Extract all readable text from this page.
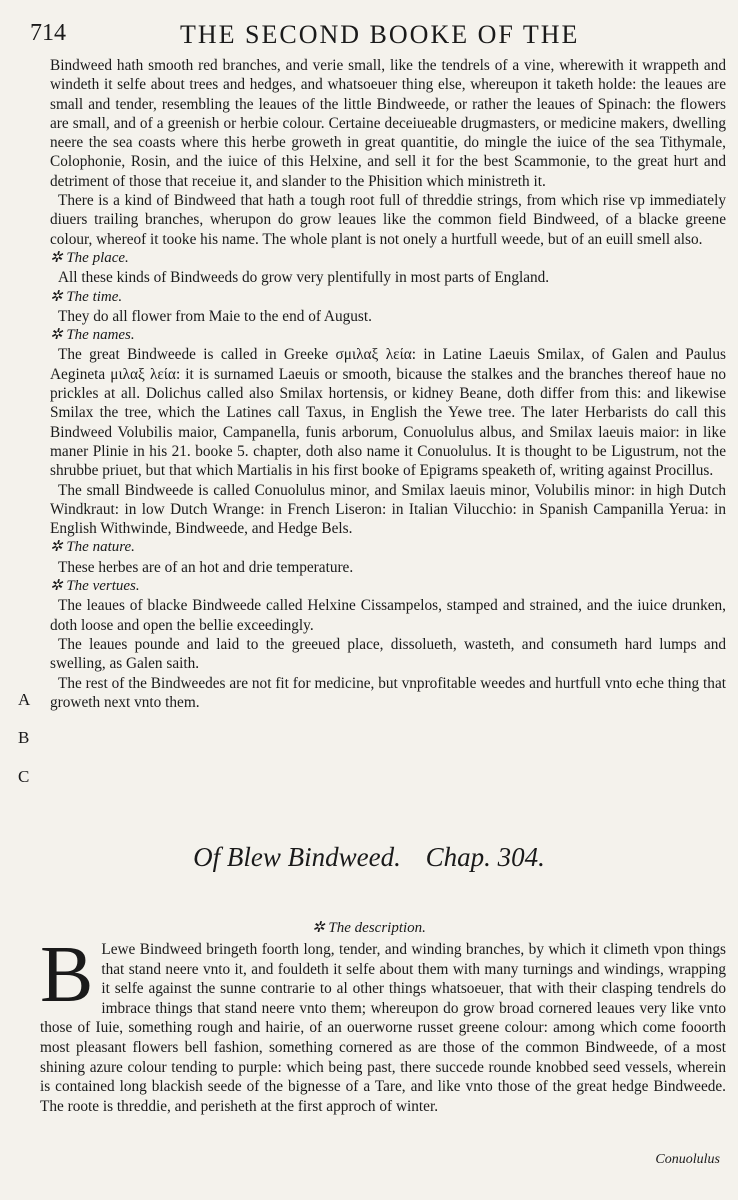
714	THE SECOND BOOKE OF THE

Bindweed hath smooth red branches, and verie small, like the tendrels of a vine, wherewith it wrappeth and windeth it selfe about trees and hedges, and whatsoeuer thing else, whereupon it taketh holde: the leaues are small and tender, resembling the leaues of the little Bindweede, or rather the leaues of Spinach: the flowers are small, and of a greenish or herbie colour. Certaine deceiueable drugmasters, or medicine makers, dwelling neere the sea coasts where this herbe groweth in great quantitie, do mingle the iuice of the sea Tithymale, Colophonie, Rosin, and the iuice of this Helxine, and sell it for the best Scammonie, to the great hurt and detriment of those that receiue it, and slander to the Phisition which ministreth it.

There is a kind of Bindweed that hath a tough root full of threddie strings, from which rise vp immediately diuers trailing branches, wherupon do grow leaues like the common field Bindweed, of a blacke greene colour, whereof it tooke his name. The whole plant is not onely a hurtfull weede, but of an euill smell also.

✲ The place.

All these kinds of Bindweeds do grow very plentifully in most parts of England.

✲ The time.

They do all flower from Maie to the end of August.

✲ The names.

The great Bindweede is called in Greeke σμιλαξ λεία: in Latine Laeuis Smilax, of Galen and Paulus Aegineta μιλαξ λεία: it is surnamed Laeuis or smooth, bicause the stalkes and the branches thereof haue no prickles at all. Dolichus called also Smilax hortensis, or kidney Beane, doth differ from this: and likewise Smilax the tree, which the Latines call Taxus, in English the Yewe tree. The later Herbarists do call this Bindweed Volubilis maior, Campanella, funis arborum, Conuolulus albus, and Smilax laeuis maior: in like maner Plinie in his 21. booke 5. chapter, doth also name it Conuolulus. It is thought to be Ligustrum, not the shrubbe priuet, but that which Martialis in his first booke of Epigrams speaketh of, writing against Procillus.

The small Bindweede is called Conuolulus minor, and Smilax laeuis minor, Volubilis minor: in high Dutch Windkraut: in low Dutch Wrange: in French Liseron: in Italian Vilucchio: in Spanish Campanilla Yerua: in English Withwinde, Bindweede, and Hedge Bels.

✲ The nature.

These herbes are of an hot and drie temperature.

✲ The vertues.

The leaues of blacke Bindweede called Helxine Cissampelos, stamped and strained, and the iuice drunken, doth loose and open the bellie exceedingly.

The leaues pounde and laid to the greeued place, dissolueth, wasteth, and consumeth hard lumps and swelling, as Galen saith.

The rest of the Bindweedes are not fit for medicine, but vnprofitable weedes and hurtfull vnto eche thing that groweth next vnto them.

A
B
C
Of Blew Bindweed. Chap. 304.
✲ The description.
B Lewe Bindweed bringeth foorth long, tender, and winding branches, by which it climeth vpon things that stand neere vnto it, and fouldeth it selfe about them with many turnings and windings, wrapping it selfe against the sunne contrarie to al other things whatsoeuer, that with their clasping tendrels do imbrace things that stand neere vnto them; whereupon do grow broad cornered leaues very like vnto those of Iuie, something rough and hairie, of an ouerworne russet greene colour: among which come fooorth most pleasant flowers bell fashion, something cornered as are those of the common Bindweede, of a most shining azure colour tending to purple: which being past, there succede rounde knobbed seed vessels, wherein is contained long blackish seede of the bignesse of a Tare, and like vnto those of the great hedge Bindweede. The roote is threddie, and perisheth at the first approch of winter.

Conuolulus
